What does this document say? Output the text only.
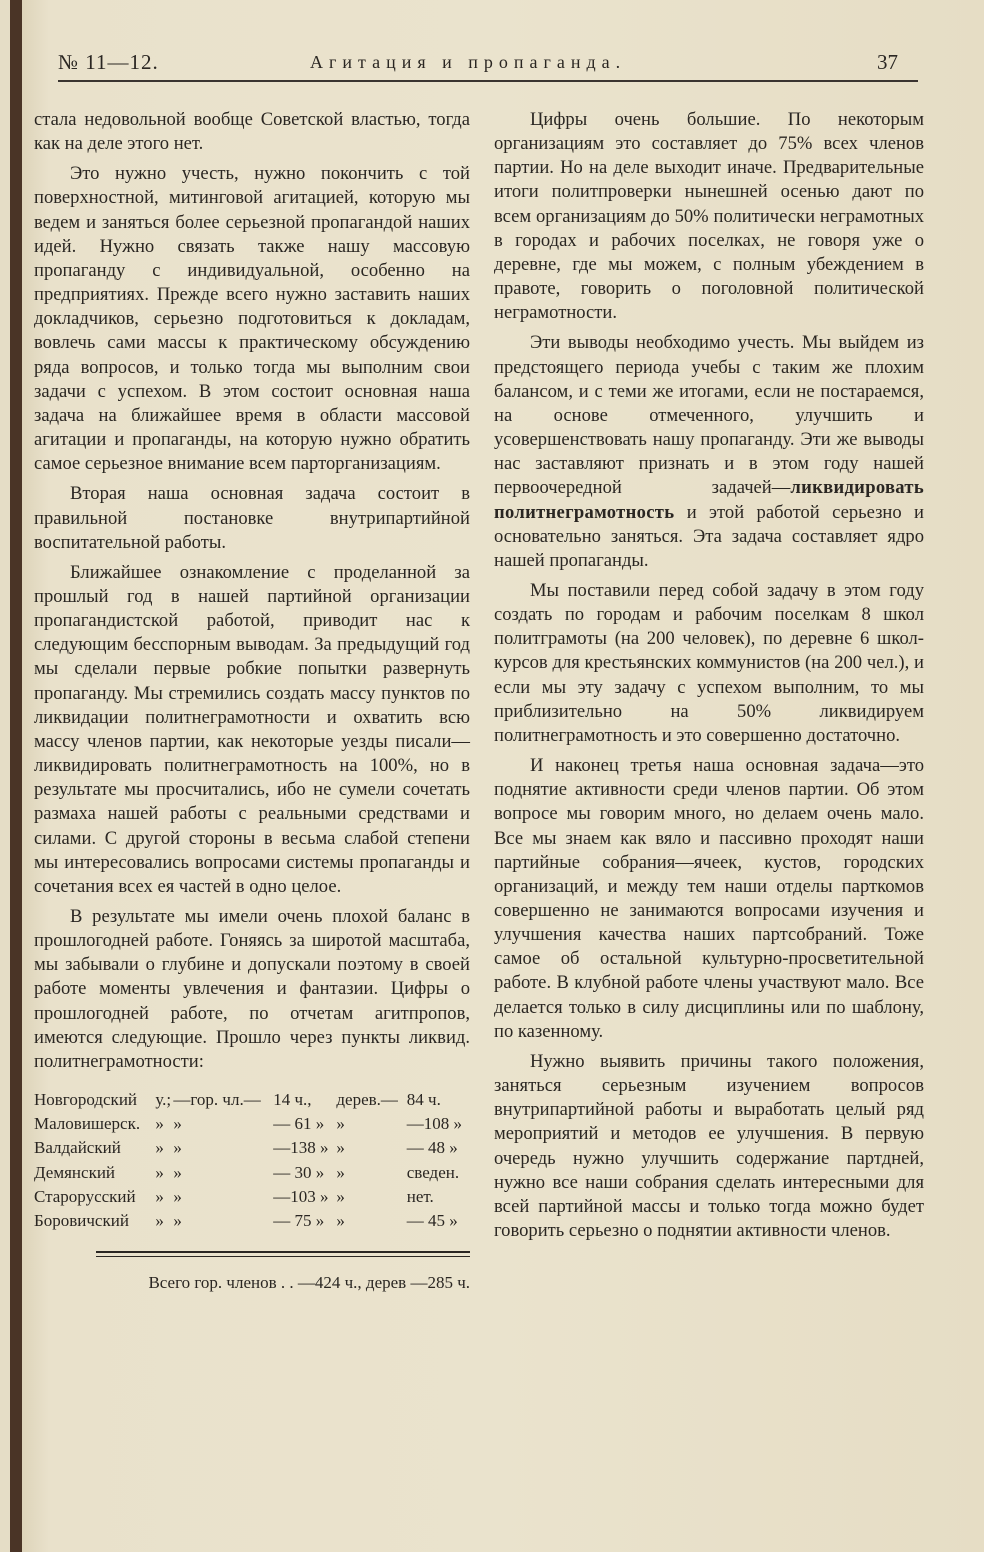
№ 11—12.	Агитация и пропаганда.	37

стала недовольной вообще Советской властью, тогда как на деле этого нет.

Это нужно учесть, нужно покончить с той поверхностной, митинговой агитацией, которую мы ведем и заняться более серьезной пропагандой наших идей. Нужно связать также нашу массовую пропаганду с индивидуальной, особенно на предприятиях. Прежде всего нужно заставить наших докладчиков, серьезно подготовиться к докладам, вовлечь сами массы к практическому обсуждению ряда вопросов, и только тогда мы выполним свои задачи с успехом. В этом состоит основная наша задача на ближайшее время в области массовой агитации и пропаганды, на которую нужно обратить самое серьезное внимание всем парторганизациям.

Вторая наша основная задача состоит в правильной постановке внутрипартийной воспитательной работы.

Ближайшее ознакомление с проделанной за прошлый год в нашей партийной организации пропагандистской работой, приводит нас к следующим бесспорным выводам. За предыдущий год мы сделали первые робкие попытки развернуть пропаганду. Мы стремились создать массу пунктов по ликвидации политнеграмотности и охватить всю массу членов партии, как некоторые уезды писали—ликвидировать политнеграмотность на 100%, но в результате мы просчитались, ибо не сумели сочетать размаха нашей работы с реальными средствами и силами. С другой стороны в весьма слабой степени мы интересовались вопросами системы пропаганды и сочетания всех ея частей в одно целое.

В результате мы имели очень плохой баланс в прошлогодней работе. Гоняясь за широтой масштаба, мы забывали о глубине и допускали поэтому в своей работе моменты увлечения и фантазии. Цифры о прошлогодней работе, по отчетам агитпропов, имеются следующие. Прошло через пункты ликвид. политнеграмотности:

Новгородский	у.;	—гор. чл.—	14 ч.,	дерев.—	84 ч.
Маловишерск.	»	»	— 61 »	»	—108 »
Валдайский	»	»	—138 »	»	— 48 »
Демянский	»	»	— 30 »	»	сведен.
Старорусский	»	»	—103 »	»	нет.
Боровичский	»	»	— 75 »	»	— 45 »
Всего гор. членов . . —424 ч., дерев —285 ч.

Цифры очень большие. По некоторым организациям это составляет до 75% всех членов партии. Но на деле выходит иначе. Предварительные итоги политпроверки нынешней осенью дают по всем организациям до 50% политически неграмотных в городах и рабочих поселках, не говоря уже о деревне, где мы можем, с полным убеждением в правоте, говорить о поголовной политической неграмотности.

Эти выводы необходимо учесть. Мы выйдем из предстоящего периода учебы с таким же плохим балансом, и с теми же итогами, если не постараемся, на основе отмеченного, улучшить и усовершенствовать нашу пропаганду. Эти же выводы нас заставляют признать и в этом году нашей первоочередной задачей—ликвидировать политнеграмотность и этой работой серьезно и основательно заняться. Эта задача составляет ядро нашей пропаганды.

Мы поставили перед собой задачу в этом году создать по городам и рабочим поселкам 8 школ политграмоты (на 200 человек), по деревне 6 школ-курсов для крестьянских коммунистов (на 200 чел.), и если мы эту задачу с успехом выполним, то мы приблизительно на 50% ликвидируем политнеграмотность и это совершенно достаточно.

И наконец третья наша основная задача—это поднятие активности среди членов партии. Об этом вопросе мы говорим много, но делаем очень мало. Все мы знаем как вяло и пассивно проходят наши партийные собрания—ячеек, кустов, городских организаций, и между тем наши отделы парткомов совершенно не занимаются вопросами изучения и улучшения качества наших партсобраний. Тоже самое об остальной культурно-просветительной работе. В клубной работе члены участвуют мало. Все делается только в силу дисциплины или по шаблону, по казенному.

Нужно выявить причины такого положения, заняться серьезным изучением вопросов внутрипартийной работы и выработать целый ряд мероприятий и методов ее улучшения. В первую очередь нужно улучшить содержание партдней, нужно все наши собрания сделать интересными для всей партийной массы и только тогда можно будет говорить серьезно о поднятии активности членов.
